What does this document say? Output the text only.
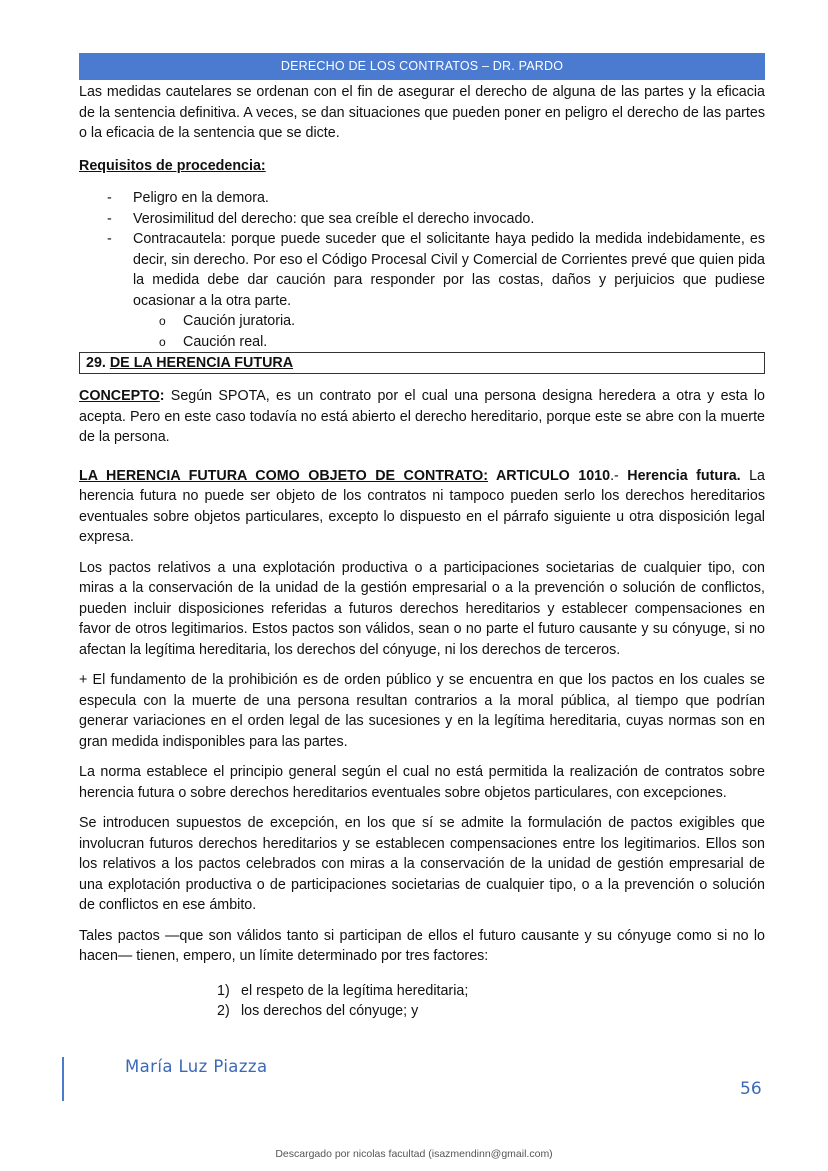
DERECHO DE LOS CONTRATOS – DR. PARDO

Las medidas cautelares se ordenan con el fin de asegurar el derecho de alguna de las partes y la eficacia de la sentencia definitiva. A veces, se dan situaciones que pueden poner en peligro el derecho de las partes o la eficacia de la sentencia que se dicte.

Requisitos de procedencia:
- Peligro en la demora.
- Verosimilitud del derecho: que sea creíble el derecho invocado.
- Contracautela: porque puede suceder que el solicitante haya pedido la medida indebidamente, es decir, sin derecho. Por eso el Código Procesal Civil y Comercial de Corrientes prevé que quien pida la medida debe dar caución para responder por las costas, daños y perjuicios que pudiese ocasionar a la otra parte.
o Caución juratoria.
o Caución real.
29. DE LA HERENCIA FUTURA

CONCEPTO: Según SPOTA, es un contrato por el cual una persona designa heredera a otra y esta lo acepta. Pero en este caso todavía no está abierto el derecho hereditario, porque este se abre con la muerte de la persona.

LA HERENCIA FUTURA COMO OBJETO DE CONTRATO: ARTICULO 1010.- Herencia futura. La herencia futura no puede ser objeto de los contratos ni tampoco pueden serlo los derechos hereditarios eventuales sobre objetos particulares, excepto lo dispuesto en el párrafo siguiente u otra disposición legal expresa.

Los pactos relativos a una explotación productiva o a participaciones societarias de cualquier tipo, con miras a la conservación de la unidad de la gestión empresarial o a la prevención o solución de conflictos, pueden incluir disposiciones referidas a futuros derechos hereditarios y establecer compensaciones en favor de otros legitimarios. Estos pactos son válidos, sean o no parte el futuro causante y su cónyuge, si no afectan la legítima hereditaria, los derechos del cónyuge, ni los derechos de terceros.

+ El fundamento de la prohibición es de orden público y se encuentra en que los pactos en los cuales se especula con la muerte de una persona resultan contrarios a la moral pública, al tiempo que podrían generar variaciones en el orden legal de las sucesiones y en la legítima hereditaria, cuyas normas son en gran medida indisponibles para las partes.

La norma establece el principio general según el cual no está permitida la realización de contratos sobre herencia futura o sobre derechos hereditarios eventuales sobre objetos particulares, con excepciones.

Se introducen supuestos de excepción, en los que sí se admite la formulación de pactos exigibles que involucran futuros derechos hereditarios y se establecen compensaciones entre los legitimarios. Ellos son los relativos a los pactos celebrados con miras a la conservación de la unidad de gestión empresarial de una explotación productiva o de participaciones societarias de cualquier tipo, o a la prevención o solución de conflictos en ese ámbito.

Tales pactos —que son válidos tanto si participan de ellos el futuro causante y su cónyuge como si no lo hacen— tienen, empero, un límite determinado por tres factores:

1) el respeto de la legítima hereditaria;
2) los derechos del cónyuge; y
María Luz Piazza
56
Descargado por nicolas facultad (isazmendinn@gmail.com)
